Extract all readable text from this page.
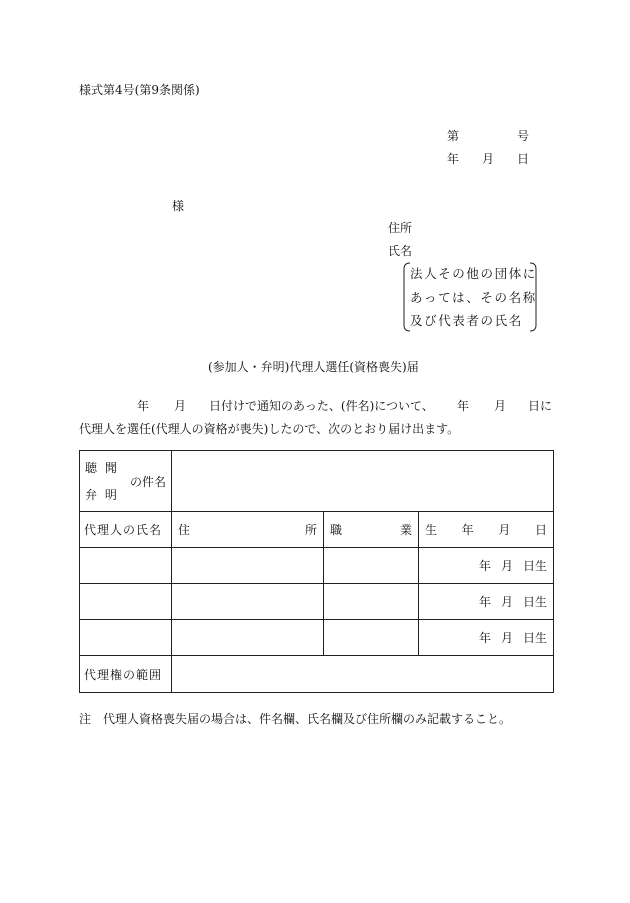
様式第4号(第9条関係)
第	号
年 月 日
様
住所
氏名
法人その他の団体に
あっては、その名称
及び代表者の氏名
(参加人・弁明)代理人選任(資格喪失)届
年 月 日付けで通知のあった、(件名)について、 年 月 日に
代理人を選任(代理人の資格が喪失)したので、次のとおり届け出ます。
聴 聞
弁 明
の件名			

代理人の氏名	住 所	職 業	生 年 月 日

			年 月 日生

			年 月 日生

			年 月 日生

代理権の範囲			

注　代理人資格喪失届の場合は、件名欄、氏名欄及び住所欄のみ記載すること。
